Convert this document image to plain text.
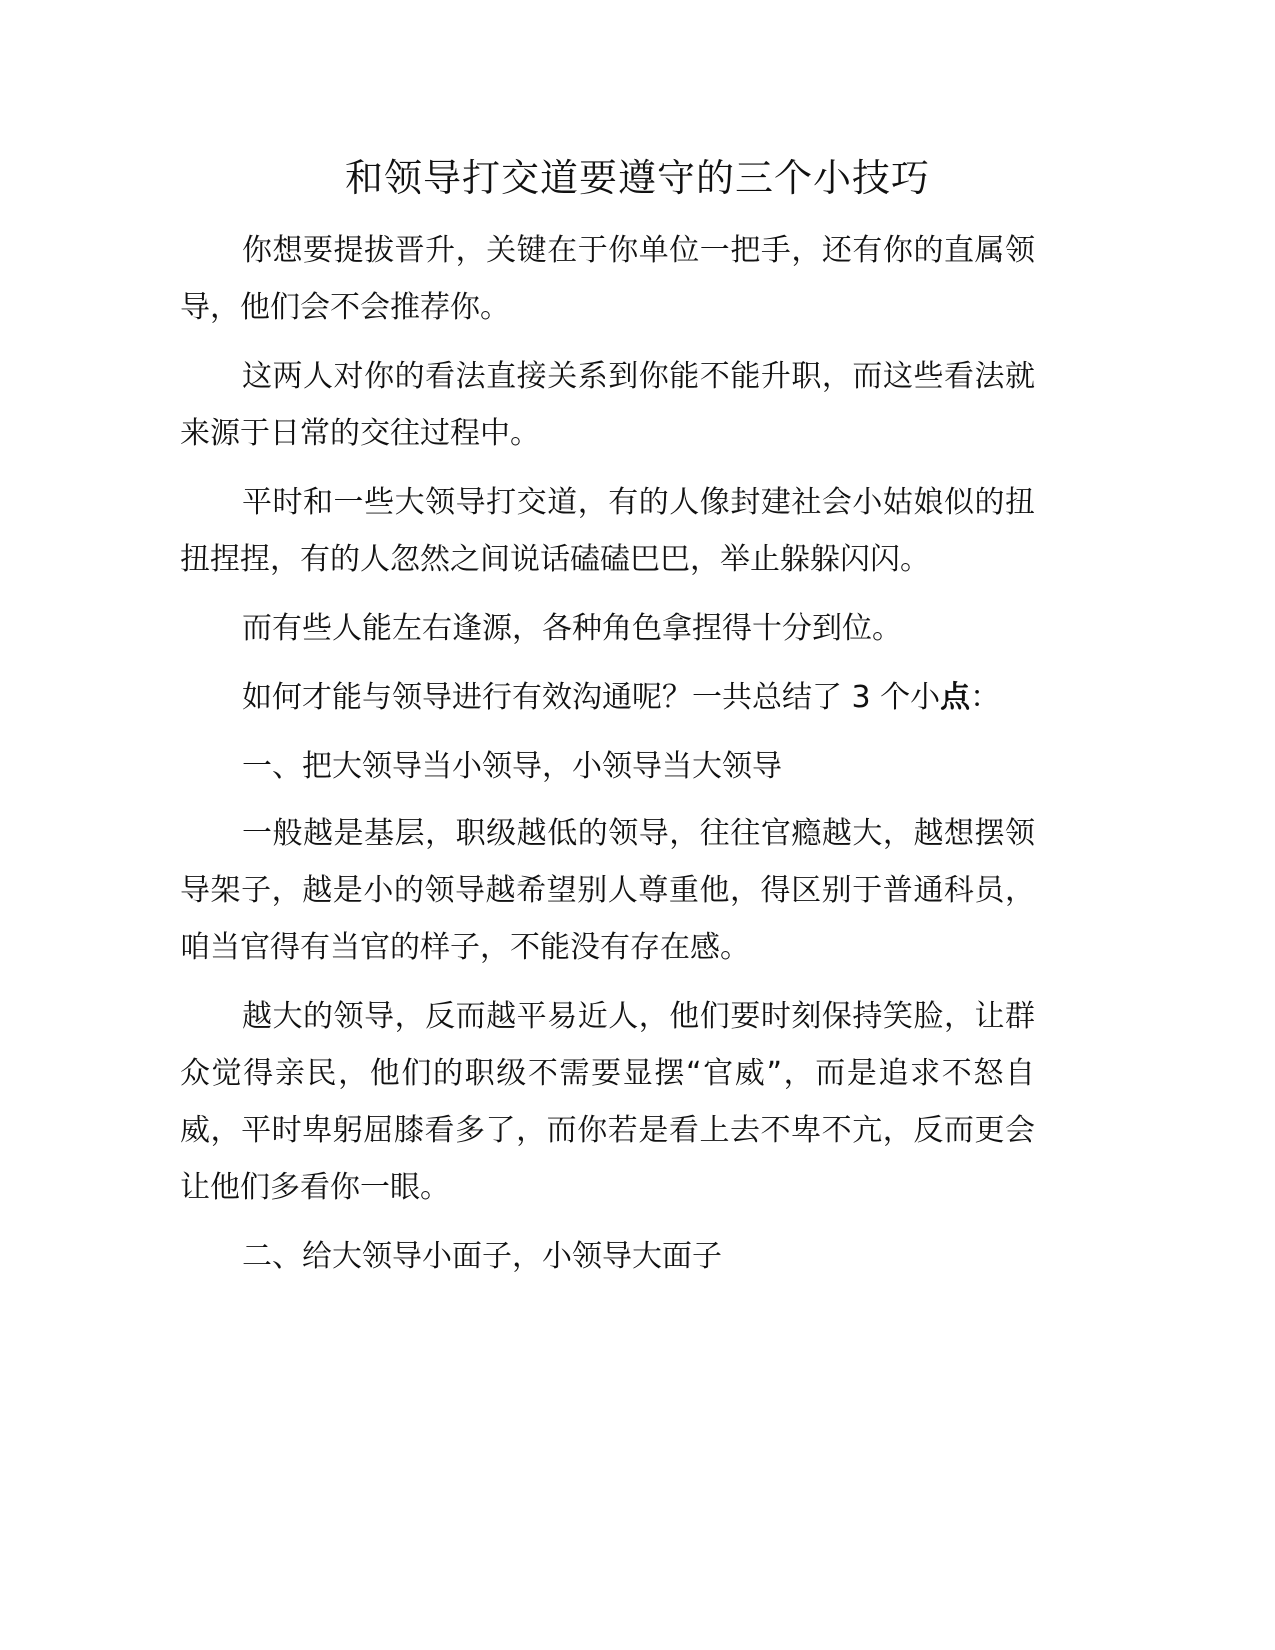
和领导打交道要遵守的三个小技巧

你想要提拔晋升，关键在于你单位一把手，还有你的直属领导，他们会不会推荐你。

这两人对你的看法直接关系到你能不能升职，而这些看法就来源于日常的交往过程中。

平时和一些大领导打交道，有的人像封建社会小姑娘似的扭扭捏捏，有的人忽然之间说话磕磕巴巴，举止躲躲闪闪。

而有些人能左右逢源，各种角色拿捏得十分到位。

如何才能与领导进行有效沟通呢？一共总结了 3 个小点：

一、把大领导当小领导，小领导当大领导

一般越是基层，职级越低的领导，往往官瘾越大，越想摆领导架子，越是小的领导越希望别人尊重他，得区别于普通科员，咱当官得有当官的样子，不能没有存在感。

越大的领导，反而越平易近人，他们要时刻保持笑脸，让群众觉得亲民，他们的职级不需要显摆“官威”，而是追求不怒自威，平时卑躬屈膝看多了，而你若是看上去不卑不亢，反而更会让他们多看你一眼。

二、给大领导小面子，小领导大面子
